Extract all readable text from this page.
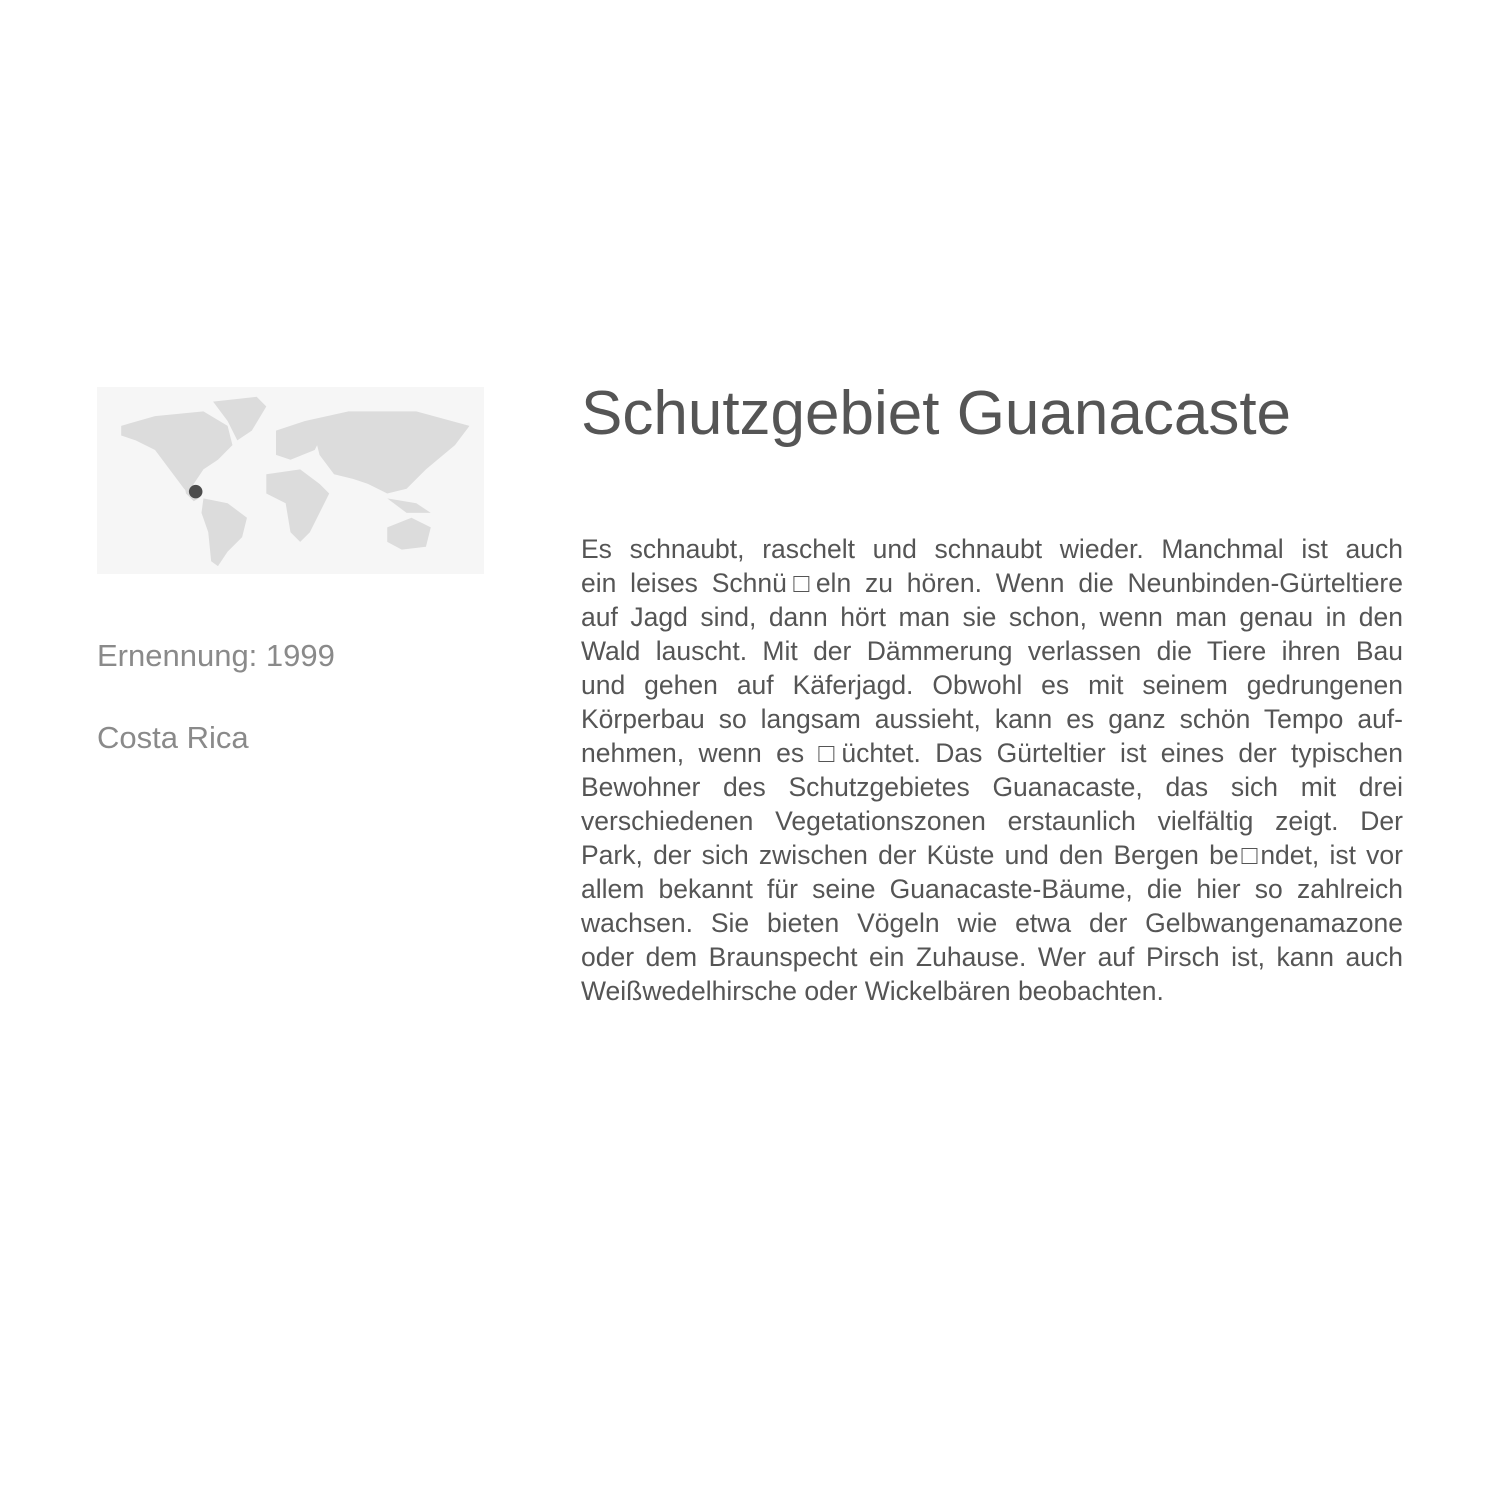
Ernennung: 1999
Costa Rica
Schutzgebiet Guanacaste
Es schnaubt, raschelt und schnaubt wieder. Manchmal ist auch
ein leises Schnü□eln zu hören. Wenn die Neunbinden-Gürteltiere
auf Jagd sind, dann hört man sie schon, wenn man genau in den
Wald lauscht. Mit der Dämmerung verlassen die Tiere ihren Bau
und gehen auf Käferjagd. Obwohl es mit seinem gedrungenen
Körperbau so langsam aussieht, kann es ganz schön Tempo auf-
nehmen, wenn es □üchtet. Das Gürteltier ist eines der typischen
Bewohner des Schutzgebietes Guanacaste, das sich mit drei
verschiedenen Vegetationszonen erstaunlich vielfältig zeigt. Der
Park, der sich zwischen der Küste und den Bergen be□ndet, ist vor
allem bekannt für seine Guanacaste-Bäume, die hier so zahlreich
wachsen. Sie bieten Vögeln wie etwa der Gelbwangenamazone
oder dem Braunspecht ein Zuhause. Wer auf Pirsch ist, kann auch
Weißwedelhirsche oder Wickelbären beobachten.
